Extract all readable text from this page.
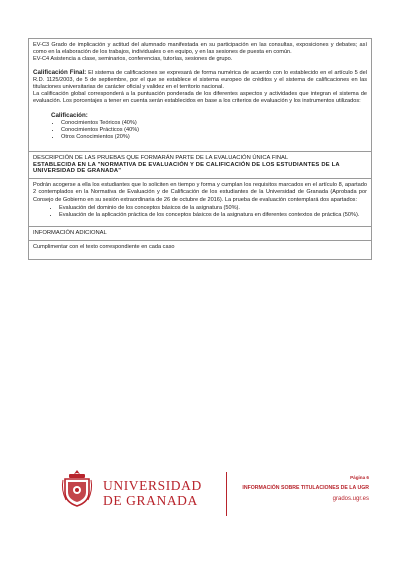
EV-C3 Grado de implicación y actitud del alumnado manifestada en su participación en las consultas, exposiciones y debates; así como en la elaboración de los trabajos, individuales o en equipo, y en las sesiones de puesta en común.

EV-C4 Asistencia a clase, seminarios, conferencias, tutorías, sesiones de grupo.

Calificación Final: El sistema de calificaciones se expresará de forma numérica de acuerdo con lo establecido en el artículo 5 del R.D. 1125/2003, de 5 de septiembre, por el que se establece el sistema europeo de créditos y el sistema de calificaciones en las titulaciones universitarias de carácter oficial y validez en el territorio nacional.

La calificación global corresponderá a la puntuación ponderada de los diferentes aspectos y actividades que integran el sistema de evaluación. Los porcentajes a tener en cuenta serán establecidos en base a los criterios de evaluación y los instrumentos utilizados:

Calificación:
• Conocimientos Teóricos (40%)
• Conocimientos Prácticos (40%)
• Otros Conocimientos (20%)
DESCRIPCIÓN DE LAS PRUEBAS QUE FORMARÁN PARTE DE LA EVALUACIÓN ÚNICA FINAL
ESTABLECIDA EN LA "NORMATIVA DE EVALUACIÓN Y DE CALIFICACIÓN DE LOS ESTUDIANTES DE LA UNIVERSIDAD DE GRANADA"

Podrán acogerse a ella los estudiantes que lo soliciten en tiempo y forma y cumplan los requisitos marcados en el artículo 8, apartado 2 contemplados en la Normativa de Evaluación y de Calificación de los estudiantes de la Universidad de Granada (Aprobada por Consejo de Gobierno en su sesión extraordinaria de 26 de octubre de 2016). La prueba de evaluación contemplará dos apartados:

• Evaluación del dominio de los conceptos básicos de la asignatura (50%).
• Evaluación de la aplicación práctica de los conceptos básicos de la asignatura en diferentes contextos de práctica (50%).

INFORMACIÓN ADICIONAL

Cumplimentar con el texto correspondiente en cada caso

UNIVERSIDAD
DE GRANADA
Página 6
INFORMACIÓN SOBRE TITULACIONES DE LA UGR
grados.ugr.es
